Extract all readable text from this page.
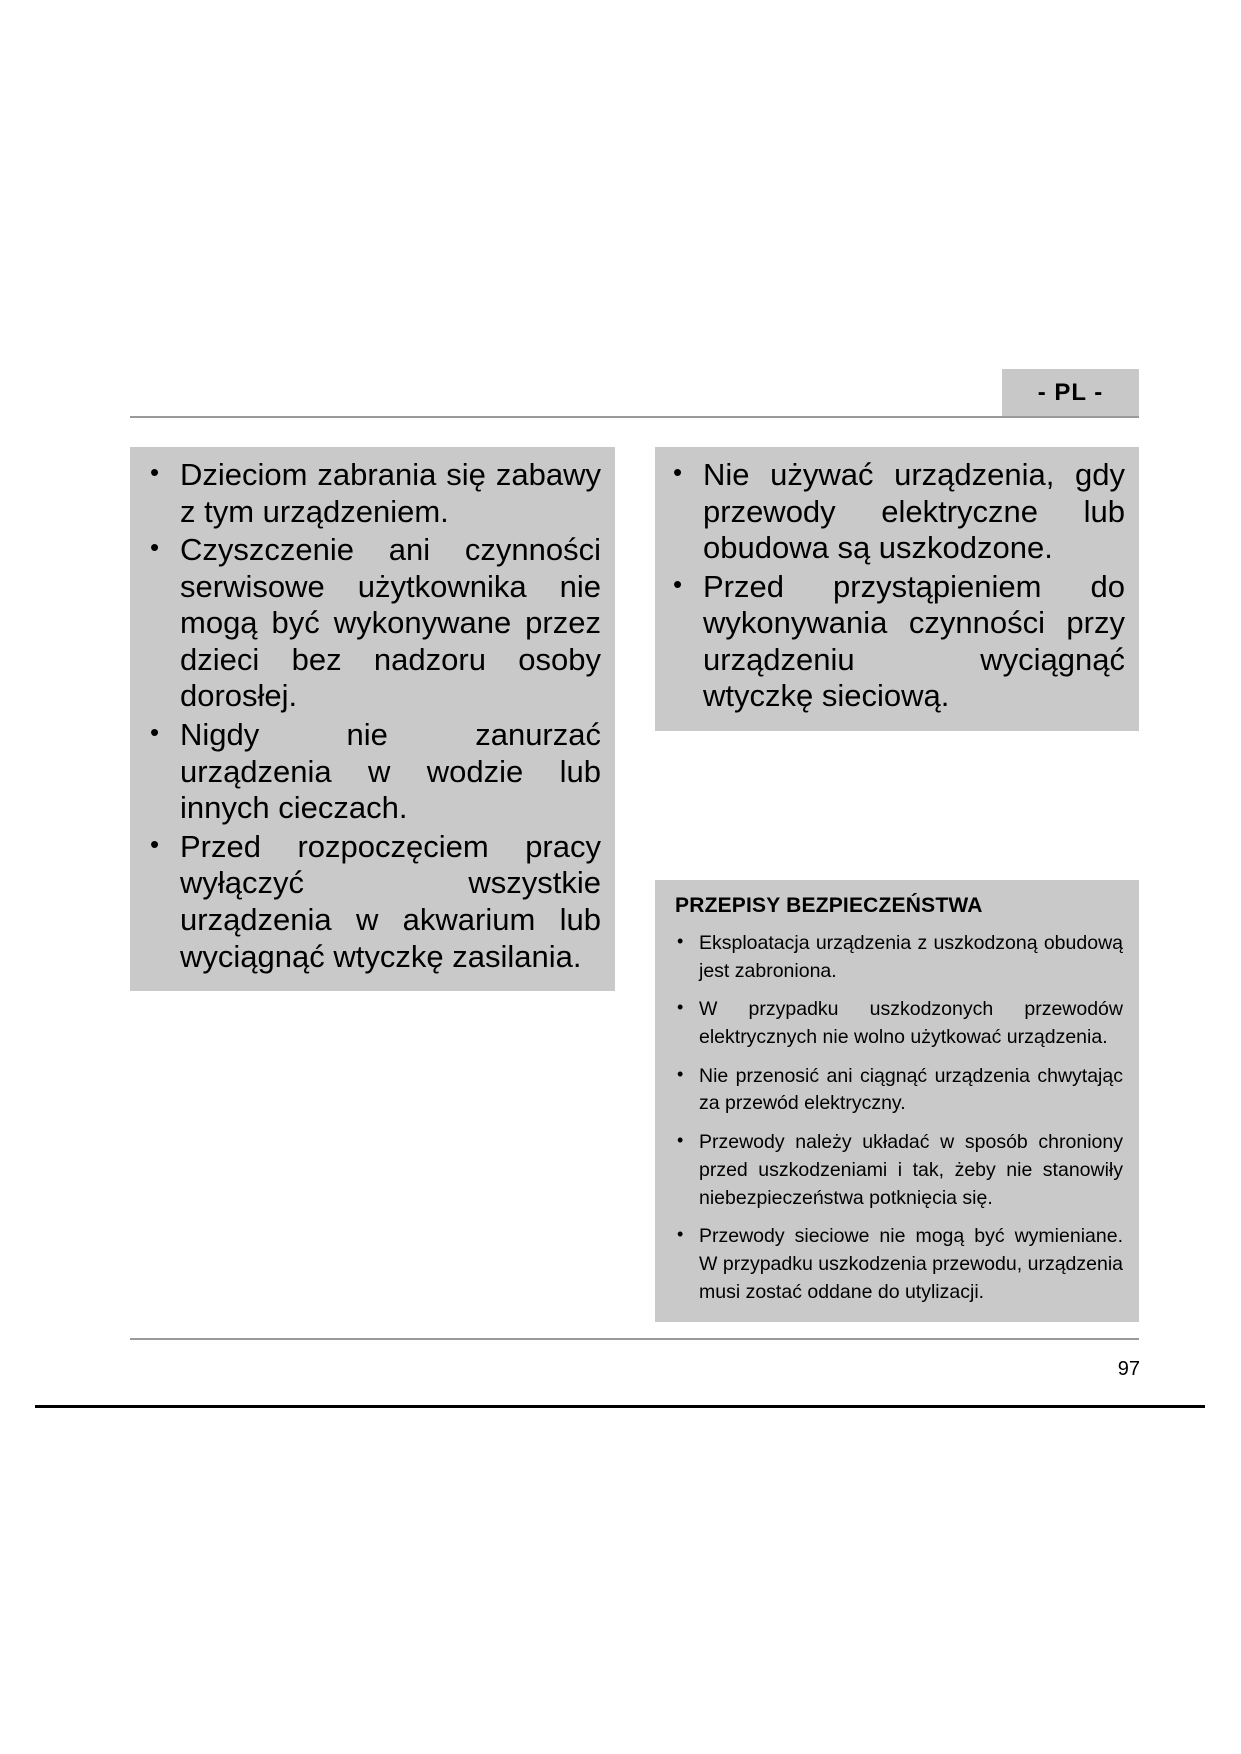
- PL -
• Dzieciom zabrania się zabawy z tym urządzeniem.
• Czyszczenie ani czynności serwisowe użytkownika nie mogą być wykonywane przez dzieci bez nadzoru osoby dorosłej.
• Nigdy nie zanurzać urządzenia w wodzie lub innych cieczach.
• Przed rozpoczęciem pracy wyłączyć wszystkie urządzenia w akwarium lub wyciągnąć wtyczkę zasilania.
• Nie używać urządzenia, gdy przewody elektryczne lub obudowa są uszkodzone.
• Przed przystąpieniem do wykonywania czynności przy urządzeniu wyciągnąć wtyczkę sieciową.
PRZEPISY BEZPIECZEŃSTWA
• Eksploatacja urządzenia z uszkodzoną obudową jest zabroniona.
• W przypadku uszkodzonych przewodów elektrycznych nie wolno użytkować urządzenia.
• Nie przenosić ani ciągnąć urządzenia chwytając za przewód elektryczny.
• Przewody należy układać w sposób chroniony przed uszkodzeniami i tak, żeby nie stanowiły niebezpieczeństwa potknięcia się.
• Przewody sieciowe nie mogą być wymieniane. W przypadku uszkodzenia przewodu, urządzenia musi zostać oddane do utylizacji.
97
